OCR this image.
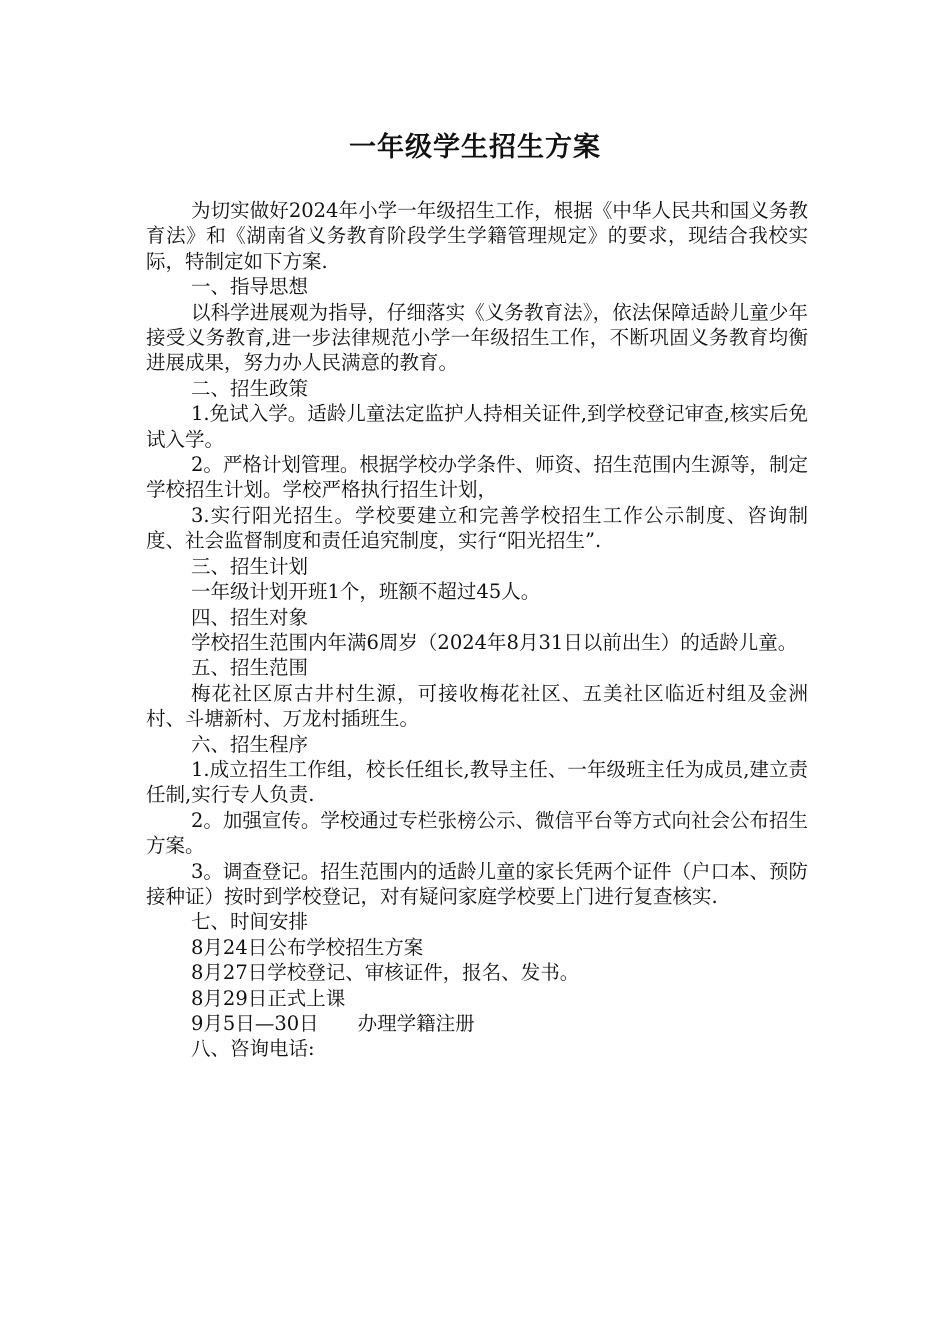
一年级学生招生方案

为切实做好2024年小学一年级招生工作，根据《中华人民共和国义务教育法》和《湖南省义务教育阶段学生学籍管理规定》的要求，现结合我校实际，特制定如下方案.

一、指导思想

以科学进展观为指导，仔细落实《义务教育法》，依法保障适龄儿童少年接受义务教育,进一步法律规范小学一年级招生工作，不断巩固义务教育均衡进展成果，努力办人民满意的教育。

二、招生政策

1.免试入学。适龄儿童法定监护人持相关证件,到学校登记审查,核实后免试入学。

2。严格计划管理。根据学校办学条件、师资、招生范围内生源等，制定学校招生计划。学校严格执行招生计划，

3.实行阳光招生。学校要建立和完善学校招生工作公示制度、咨询制度、社会监督制度和责任追究制度，实行“阳光招生”.

三、招生计划

一年级计划开班1个，班额不超过45人。

四、招生对象

学校招生范围内年满6周岁（2024年8月31日以前出生）的适龄儿童。

五、招生范围

梅花社区原古井村生源，可接收梅花社区、五美社区临近村组及金洲村、斗塘新村、万龙村插班生。

六、招生程序

1.成立招生工作组，校长任组长,教导主任、一年级班主任为成员,建立责任制,实行专人负责.

2。加强宣传。学校通过专栏张榜公示、微信平台等方式向社会公布招生方案。

3。调查登记。招生范围内的适龄儿童的家长凭两个证件（户口本、预防接种证）按时到学校登记，对有疑问家庭学校要上门进行复查核实.

七、时间安排

8月24日公布学校招生方案

8月27日学校登记、审核证件，报名、发书。

8月29日正式上课

9月5日—30日　　办理学籍注册

八、咨询电话:
